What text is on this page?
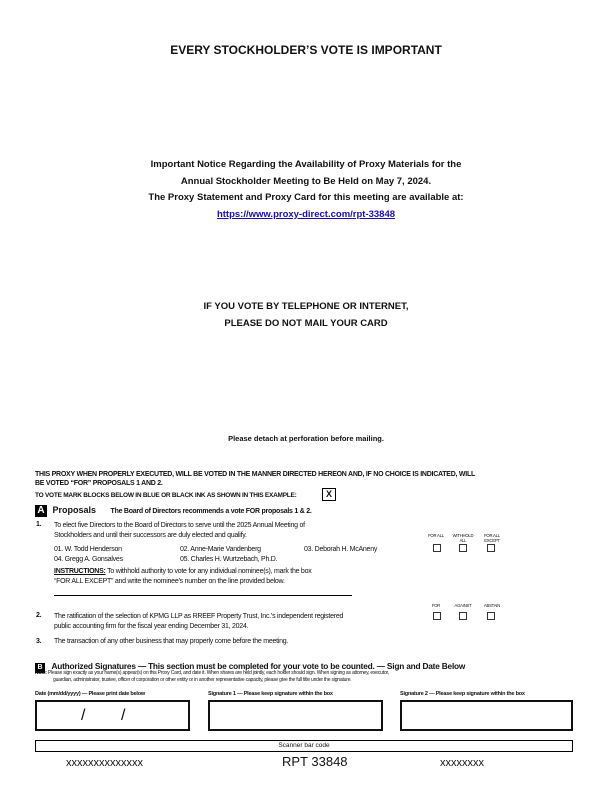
EVERY STOCKHOLDER’S VOTE IS IMPORTANT
Important Notice Regarding the Availability of Proxy Materials for the
Annual Stockholder Meeting to Be Held on May 7, 2024.
The Proxy Statement and Proxy Card for this meeting are available at:
https://www.proxy-direct.com/rpt-33848
IF YOU VOTE BY TELEPHONE OR INTERNET,
PLEASE DO NOT MAIL YOUR CARD
Please detach at perforation before mailing.
THIS PROXY WHEN PROPERLY EXECUTED, WILL BE VOTED IN THE MANNER DIRECTED HEREON AND, IF NO CHOICE IS INDICATED, WILL
BE VOTED “FOR” PROPOSALS 1 AND 2.
TO VOTE MARK BLOCKS BELOW IN BLUE OR BLACK INK AS SHOWN IN THIS EXAMPLE:	X
A Proposals The Board of Directors recommends a vote FOR proposals 1 & 2.
1. To elect five Directors to the Board of Directors to serve until the 2025 Annual Meeting of
Stockholders and until their successors are duly elected and qualify.
01. W. Todd Henderson	02. Anne-Marie Vandenberg	03. Deborah H. McAneny
04. Gregg A. Gonsalves	05. Charles H. Wurtzebach, Ph.D.
INSTRUCTIONS: To withhold authority to vote for any individual nominee(s), mark the box
“FOR ALL EXCEPT” and write the nominee’s number on the line provided below.
FOR ALL	WITHHOLD ALL
FOR ALL EXCEPT
FOR	AGAINST	ABSTAIN
2. The ratification of the selection of KPMG LLP as RREEF Property Trust, Inc.’s independent registered
public accounting firm for the fiscal year ending December 31, 2024.
3. The transaction of any other business that may properly come before the meeting.
B Authorized Signatures — This section must be completed for your vote to be counted. — Sign and Date Below
Note: Please sign exactly as your name(s) appear(s) on this Proxy Card, and date it. When shares are held jointly, each holder should sign. When signing as attorney, executor,
guardian, administrator, trustee, officer of corporation or other entity or in another representative capacity, please give the full title under the signature.
Date (mm/dd/yyyy) — Please print date below	Signature 1 — Please keep signature within the box	Signature 2 — Please keep signature within the box
/ /
Scanner bar code
xxxxxxxxxxxxxx	RPT 33848	xxxxxxxx
